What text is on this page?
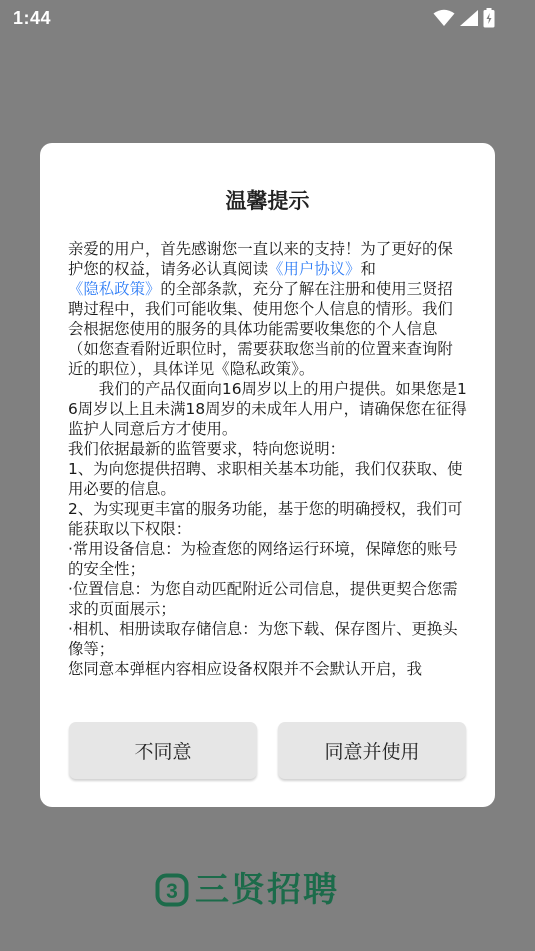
1:44
温馨提示

亲爱的用户，首先感谢您一直以来的支持！为了更好的保护您的权益，请务必认真阅读《用户协议》和《隐私政策》的全部条款，充分了解在注册和使用三贤招聘过程中，我们可能收集、使用您个人信息的情形。我们会根据您使用的服务的具体功能需要收集您的个人信息（如您查看附近职位时，需要获取您当前的位置来查询附近的职位），具体详见《隐私政策》。

我们的产品仅面向16周岁以上的用户提供。如果您是16周岁以上且未满18周岁的未成年人用户，请确保您在征得监护人同意后方才使用。

我们依据最新的监管要求，特向您说明：

1、为向您提供招聘、求职相关基本功能，我们仅获取、使用必要的信息。

2、为实现更丰富的服务功能，基于您的明确授权，我们可能获取以下权限：

·常用设备信息：为检查您的网络运行环境，保障您的账号的安全性；

·位置信息：为您自动匹配附近公司信息，提供更契合您需求的页面展示；

·相机、相册读取存储信息：为您下载、保存图片、更换头像等；

您同意本弹框内容相应设备权限并不会默认开启，我

不同意	同意并使用
3 三贤招聘
